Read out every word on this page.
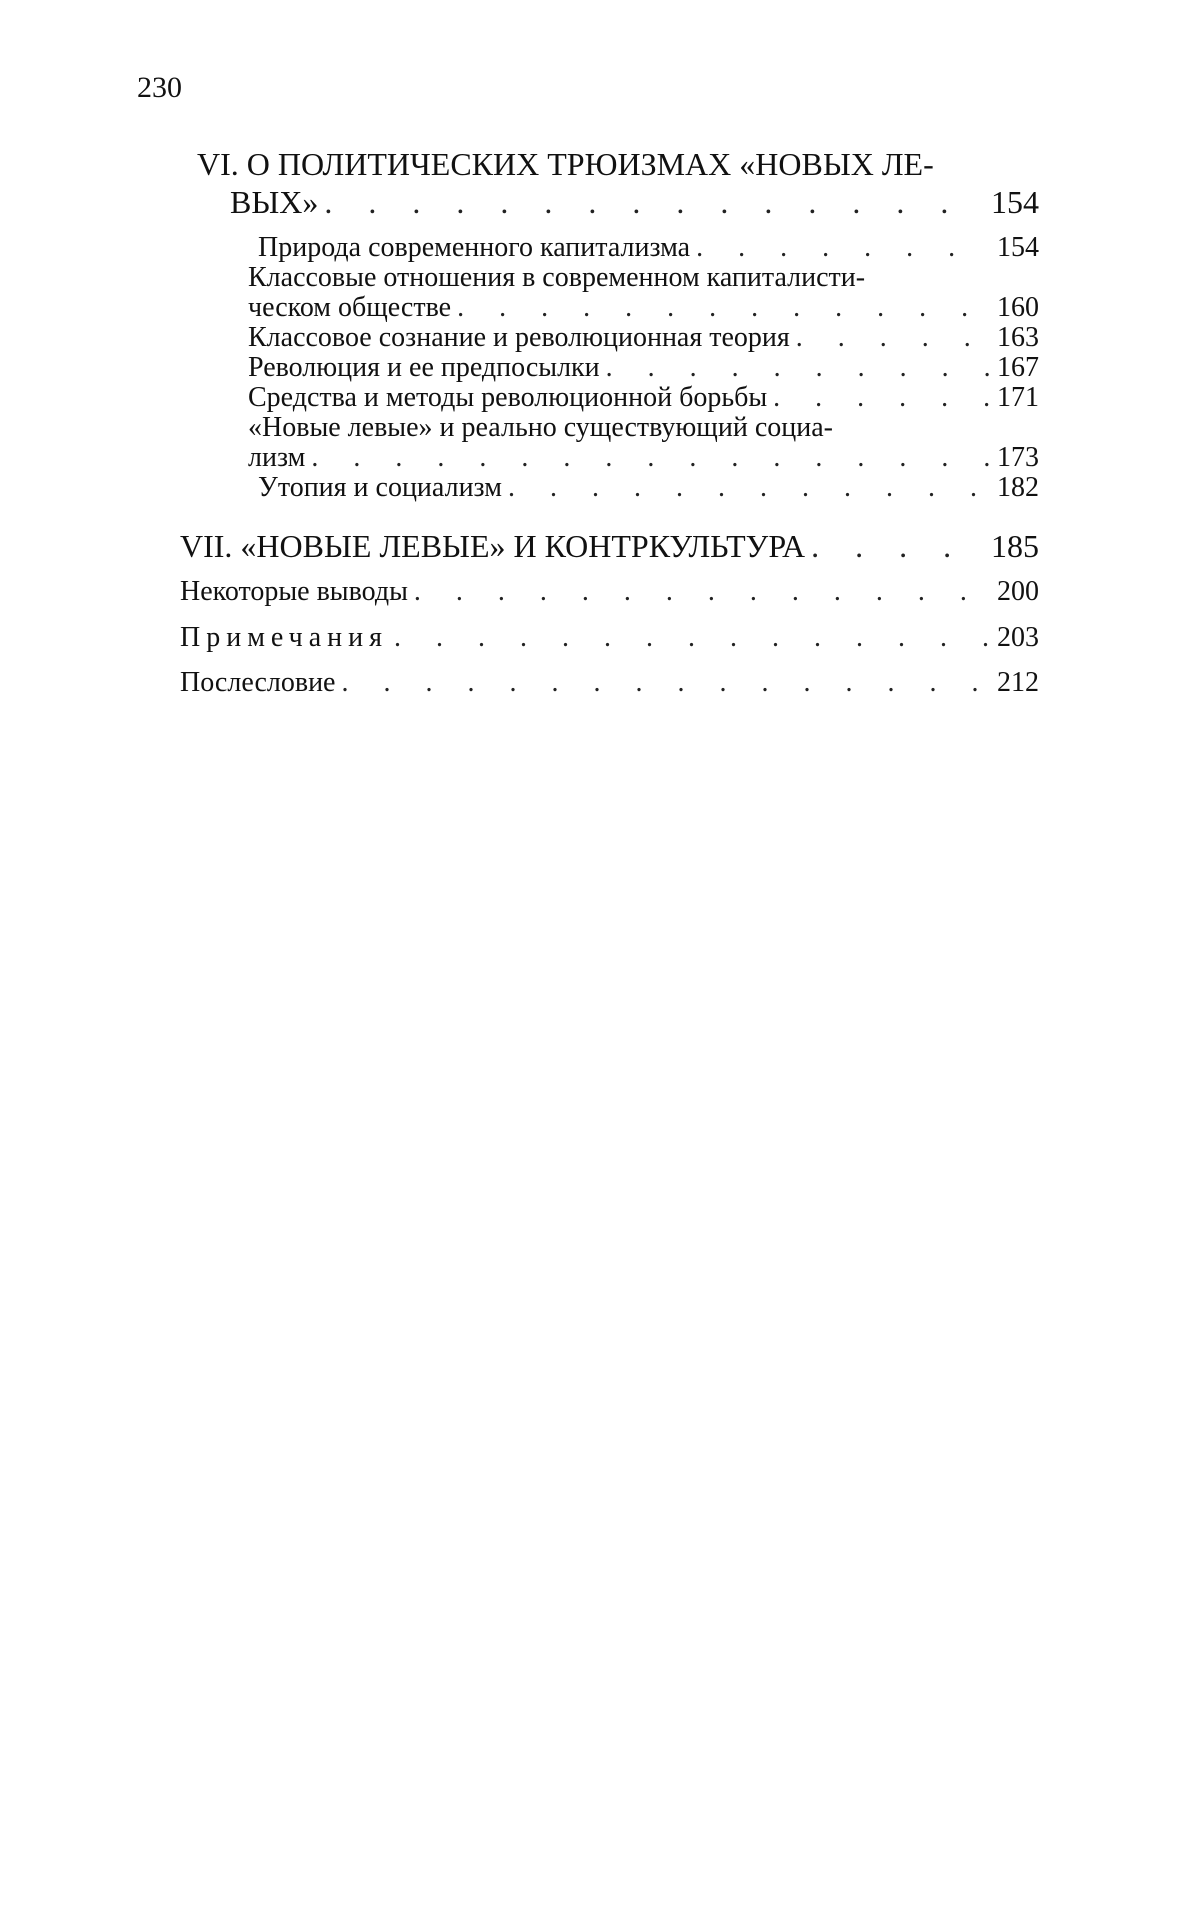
230
VI. О ПОЛИТИЧЕСКИХ ТРЮИЗМАХ «НОВЫХ ЛЕ-
ВЫХ» . . .	154
Природа современного капитализма . . .	154
Классовые отношения в современном капиталисти-
ческом обществе . . .	160
Классовое сознание и революционная теория . . .	163
Революция и ее предпосылки . . .	167
Средства и методы революционной борьбы . . .	171
«Новые левые» и реально существующий социа-
лизм . . .	173
Утопия и социализм . . .	182
VII. «НОВЫЕ ЛЕВЫЕ» И КОНТРКУЛЬТУРА . . .	185
Некоторые выводы . . .	200
Примечания . . .	203
Послесловие . . .	212
